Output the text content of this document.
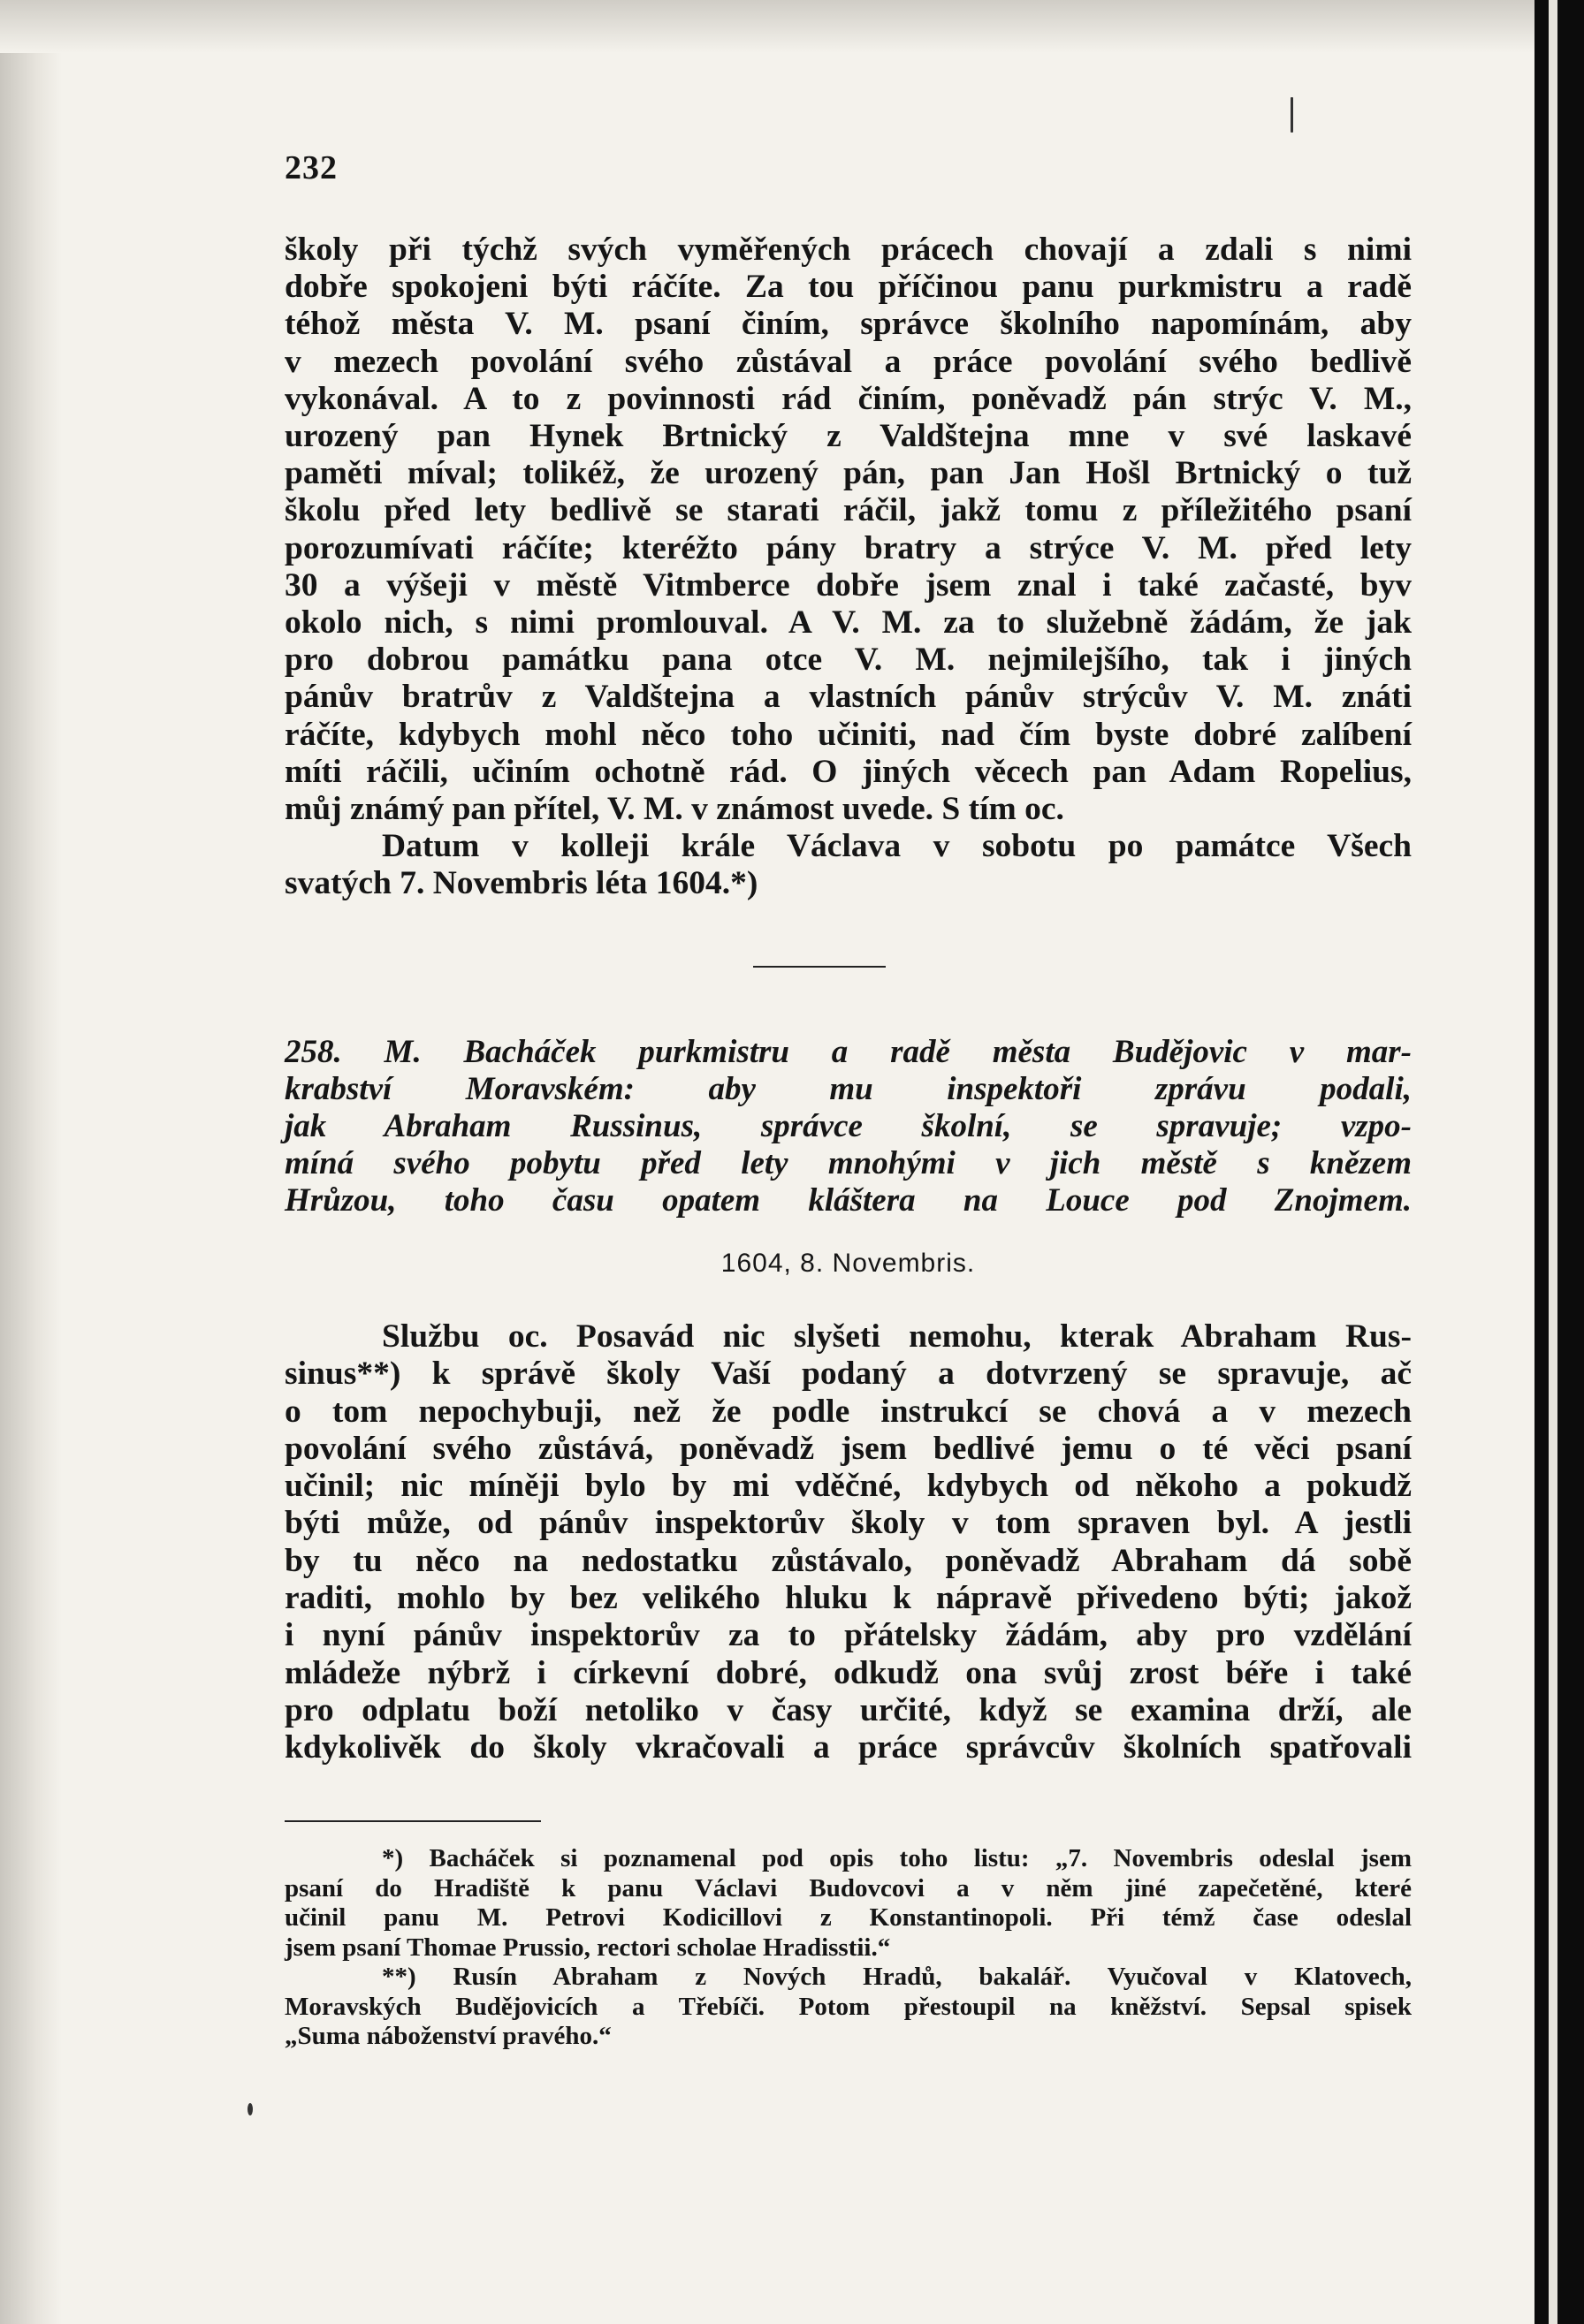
232
školy při týchž svých vyměřených prácech chovají a zdali s nimi
dobře spokojeni býti ráčíte. Za tou příčinou panu purkmistru a radě
téhož města V. M. psaní činím, správce školního napomínám, aby
v mezech povolání svého zůstával a práce povolání svého bedlivě
vykonával. A to z povinnosti rád činím, poněvadž pán strýc V. M.,
urozený pan Hynek Brtnický z Valdštejna mne v své laskavé
paměti míval; tolikéž, že urozený pán, pan Jan Hošl Brtnický o tuž
školu před lety bedlivě se starati ráčil, jakž tomu z příležitého psaní
porozumívati ráčíte; kteréžto pány bratry a strýce V. M. před lety
30 a výšeji v městě Vitmberce dobře jsem znal i také začasté, byv
okolo nich, s nimi promlouval. A V. M. za to služebně žádám, že jak
pro dobrou památku pana otce V. M. nejmilejšího, tak i jiných
pánův bratrův z Valdštejna a vlastních pánův strýcův V. M. znáti
ráčíte, kdybych mohl něco toho učiniti, nad čím byste dobré zalíbení
míti ráčili, učiním ochotně rád. O jiných věcech pan Adam Ropelius,
můj známý pan přítel, V. M. v známost uvede. S tím oc.
Datum v kolleji krále Václava v sobotu po památce Všech
svatých 7. Novembris léta 1604.*)
258. M. Bacháček purkmistru a radě města Budějovic v mar-
krabství Moravském: aby mu inspektoři zprávu podali,
jak Abraham Russinus, správce školní, se spravuje; vzpo-
míná svého pobytu před lety mnohými v jich městě s knězem
Hrůzou, toho času opatem kláštera na Louce pod Znojmem.
1604, 8. Novembris.
Službu oc. Posavád nic slyšeti nemohu, kterak Abraham Rus-
sinus**) k správě školy Vaší podaný a dotvrzený se spravuje, ač
o tom nepochybuji, než že podle instrukcí se chová a v mezech
povolání svého zůstává, poněvadž jsem bedlivé jemu o té věci psaní
učinil; nic míněji bylo by mi vděčné, kdybych od někoho a pokudž
býti může, od pánův inspektorův školy v tom spraven byl. A jestli
by tu něco na nedostatku zůstávalo, poněvadž Abraham dá sobě
raditi, mohlo by bez velikého hluku k nápravě přivedeno býti; jakož
i nyní pánův inspektorův za to přátelsky žádám, aby pro vzdělání
mládeže nýbrž i církevní dobré, odkudž ona svůj zrost béře i také
pro odplatu boží netoliko v časy určité, když se examina drží, ale
kdykolivěk do školy vkračovali a práce správcův školních spatřovali
*) Bacháček si poznamenal pod opis toho listu: „7. Novembris odeslal jsem
psaní do Hradiště k panu Václavi Budovcovi a v něm jiné zapečetěné, které
učinil panu M. Petrovi Kodicillovi z Konstantinopoli. Při témž čase odeslal
jsem psaní Thomae Prussio, rectori scholae Hradisstii.“
**) Rusín Abraham z Nových Hradů, bakalář. Vyučoval v Klatovech,
Moravských Budějovicích a Třebíči. Potom přestoupil na kněžství. Sepsal spisek
„Suma náboženství pravého.“
